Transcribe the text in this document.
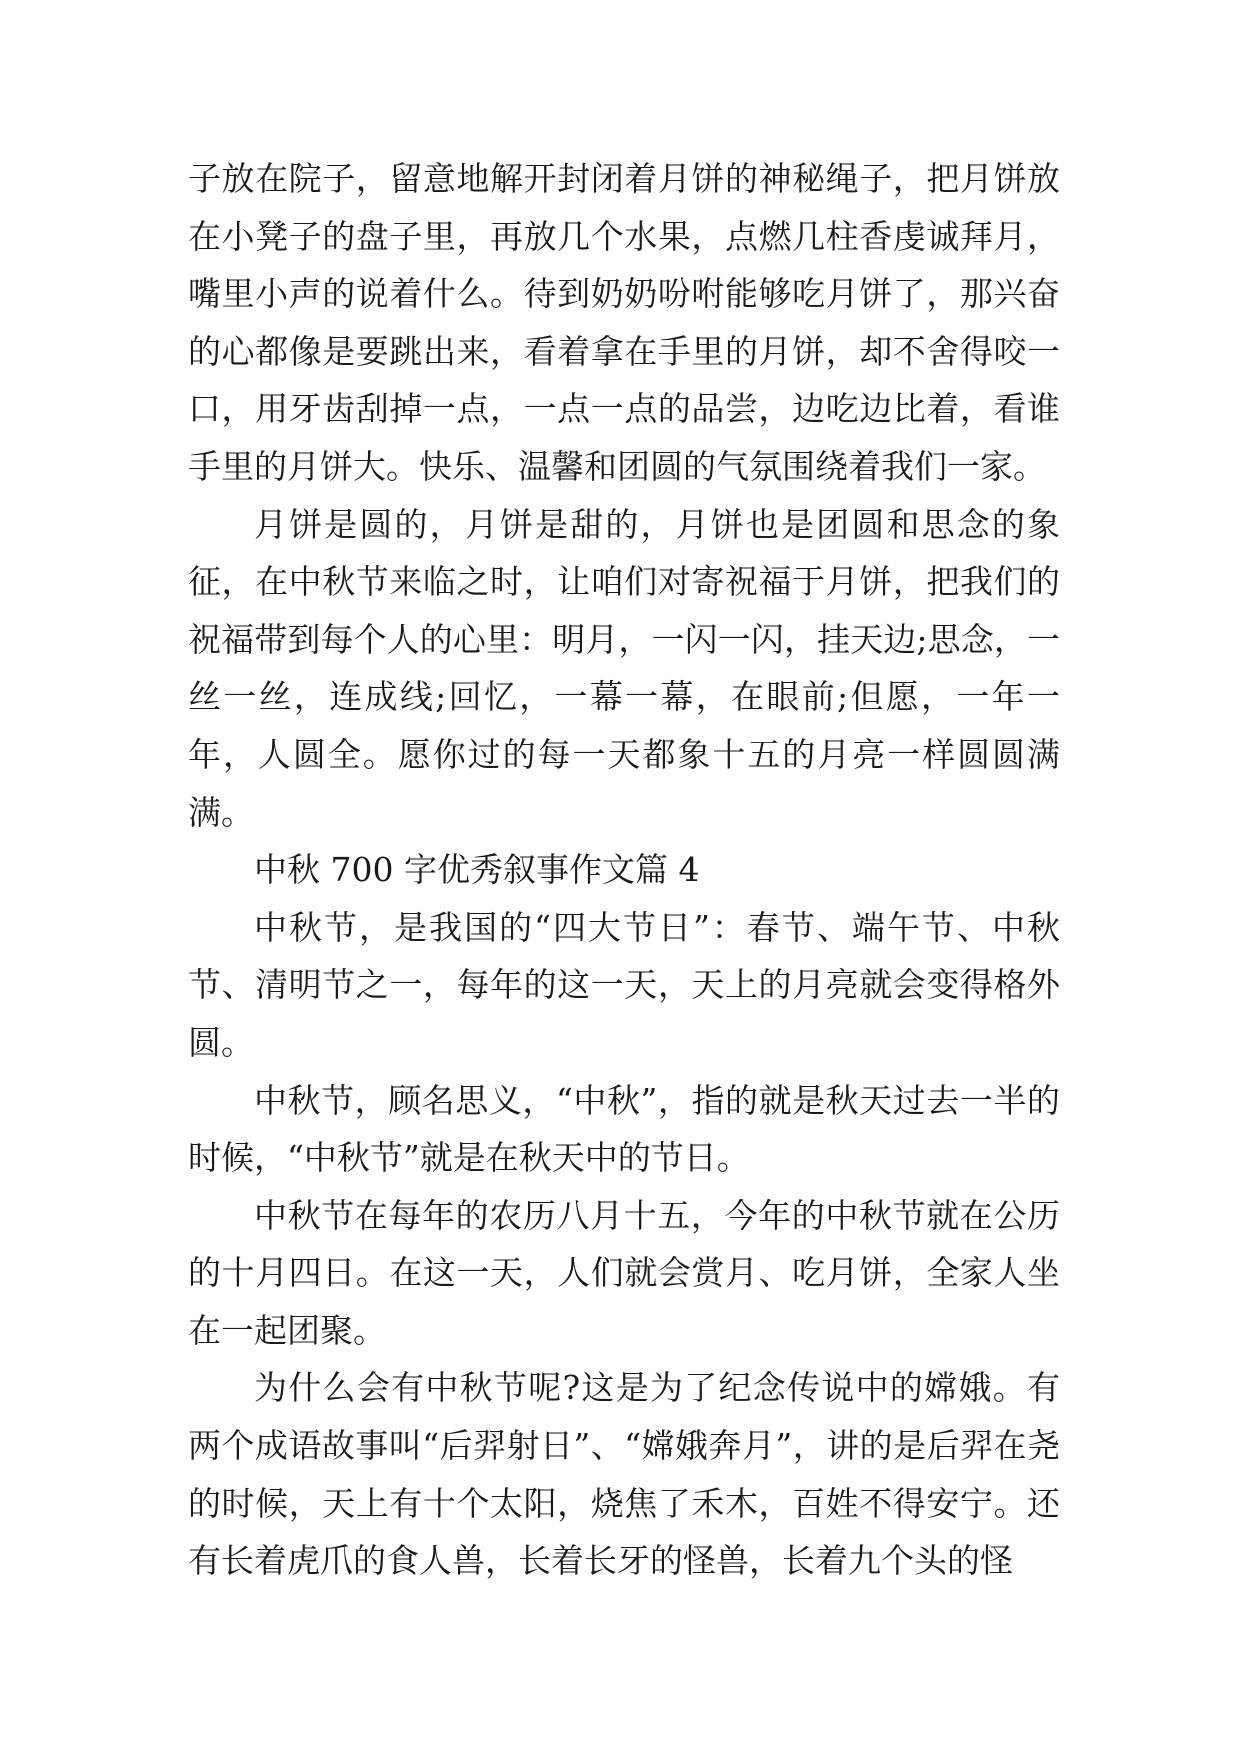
子放在院子，留意地解开封闭着月饼的神秘绳子，把月饼放在小凳子的盘子里，再放几个水果，点燃几柱香虔诚拜月，嘴里小声的说着什么。待到奶奶吩咐能够吃月饼了，那兴奋的心都像是要跳出来，看着拿在手里的月饼，却不舍得咬一口，用牙齿刮掉一点，一点一点的品尝，边吃边比着，看谁手里的月饼大。快乐、温馨和团圆的气氛围绕着我们一家。

月饼是圆的，月饼是甜的，月饼也是团圆和思念的象征，在中秋节来临之时，让咱们对寄祝福于月饼，把我们的祝福带到每个人的心里：明月，一闪一闪，挂天边;思念，一丝一丝，连成线;回忆，一幕一幕，在眼前;但愿，一年一年，人圆全。愿你过的每一天都象十五的月亮一样圆圆满满。

中秋 700 字优秀叙事作文篇 4

中秋节，是我国的“四大节日”：春节、端午节、中秋节、清明节之一，每年的这一天，天上的月亮就会变得格外圆。

中秋节，顾名思义，“中秋”，指的就是秋天过去一半的时候，“中秋节”就是在秋天中的节日。

中秋节在每年的农历八月十五，今年的中秋节就在公历的十月四日。在这一天，人们就会赏月、吃月饼，全家人坐在一起团聚。

为什么会有中秋节呢?这是为了纪念传说中的嫦娥。有两个成语故事叫“后羿射日”、“嫦娥奔月”，讲的是后羿在尧的时候，天上有十个太阳，烧焦了禾木，百姓不得安宁。还有长着虎爪的食人兽，长着长牙的怪兽，长着九个头的怪
